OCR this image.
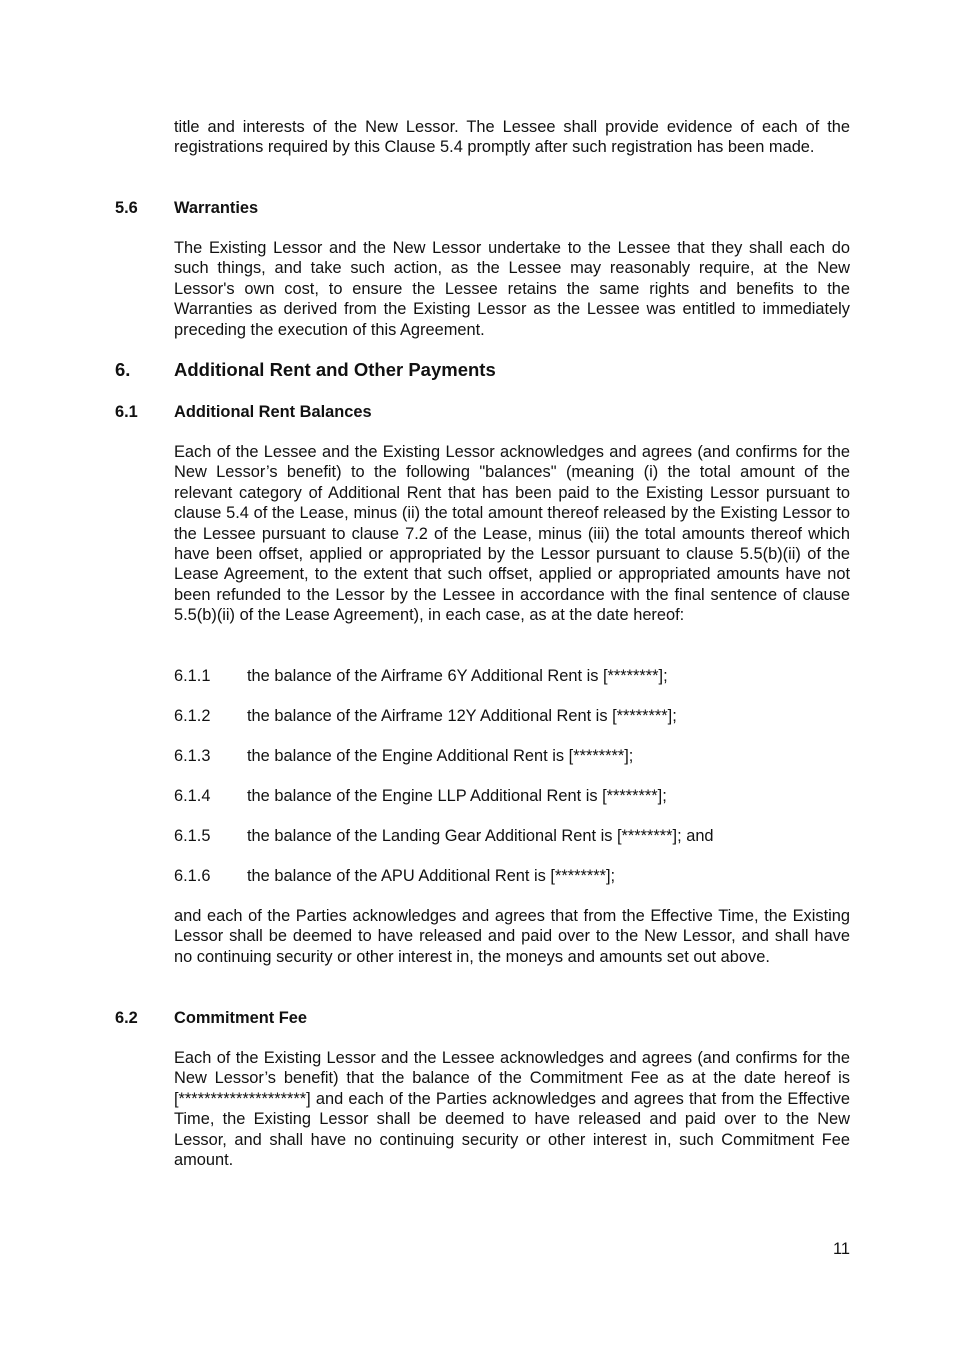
title and interests of the New Lessor. The Lessee shall provide evidence of each of the registrations required by this Clause 5.4 promptly after such registration has been made.
5.6 Warranties
The Existing Lessor and the New Lessor undertake to the Lessee that they shall each do such things, and take such action, as the Lessee may reasonably require, at the New Lessor's own cost, to ensure the Lessee retains the same rights and benefits to the Warranties as derived from the Existing Lessor as the Lessee was entitled to immediately preceding the execution of this Agreement.
6. Additional Rent and Other Payments
6.1 Additional Rent Balances
Each of the Lessee and the Existing Lessor acknowledges and agrees (and confirms for the New Lessor’s benefit) to the following "balances" (meaning (i) the total amount of the relevant category of Additional Rent that has been paid to the Existing Lessor pursuant to clause 5.4 of the Lease, minus (ii) the total amount thereof released by the Existing Lessor to the Lessee pursuant to clause 7.2 of the Lease, minus (iii) the total amounts thereof which have been offset, applied or appropriated by the Lessor pursuant to clause 5.5(b)(ii) of the Lease Agreement, to the extent that such offset, applied or appropriated amounts have not been refunded to the Lessor by the Lessee in accordance with the final sentence of clause 5.5(b)(ii) of the Lease Agreement), in each case, as at the date hereof:
6.1.1 the balance of the Airframe 6Y Additional Rent is [********];
6.1.2 the balance of the Airframe 12Y Additional Rent is [********];
6.1.3 the balance of the Engine Additional Rent is [********];
6.1.4 the balance of the Engine LLP Additional Rent is [********];
6.1.5 the balance of the Landing Gear Additional Rent is [********]; and
6.1.6 the balance of the APU Additional Rent is [********];
and each of the Parties acknowledges and agrees that from the Effective Time, the Existing Lessor shall be deemed to have released and paid over to the New Lessor, and shall have no continuing security or other interest in, the moneys and amounts set out above.
6.2 Commitment Fee
Each of the Existing Lessor and the Lessee acknowledges and agrees (and confirms for the New Lessor’s benefit) that the balance of the Commitment Fee as at the date hereof is [********************] and each of the Parties acknowledges and agrees that from the Effective Time, the Existing Lessor shall be deemed to have released and paid over to the New Lessor, and shall have no continuing security or other interest in, such Commitment Fee amount.
11
